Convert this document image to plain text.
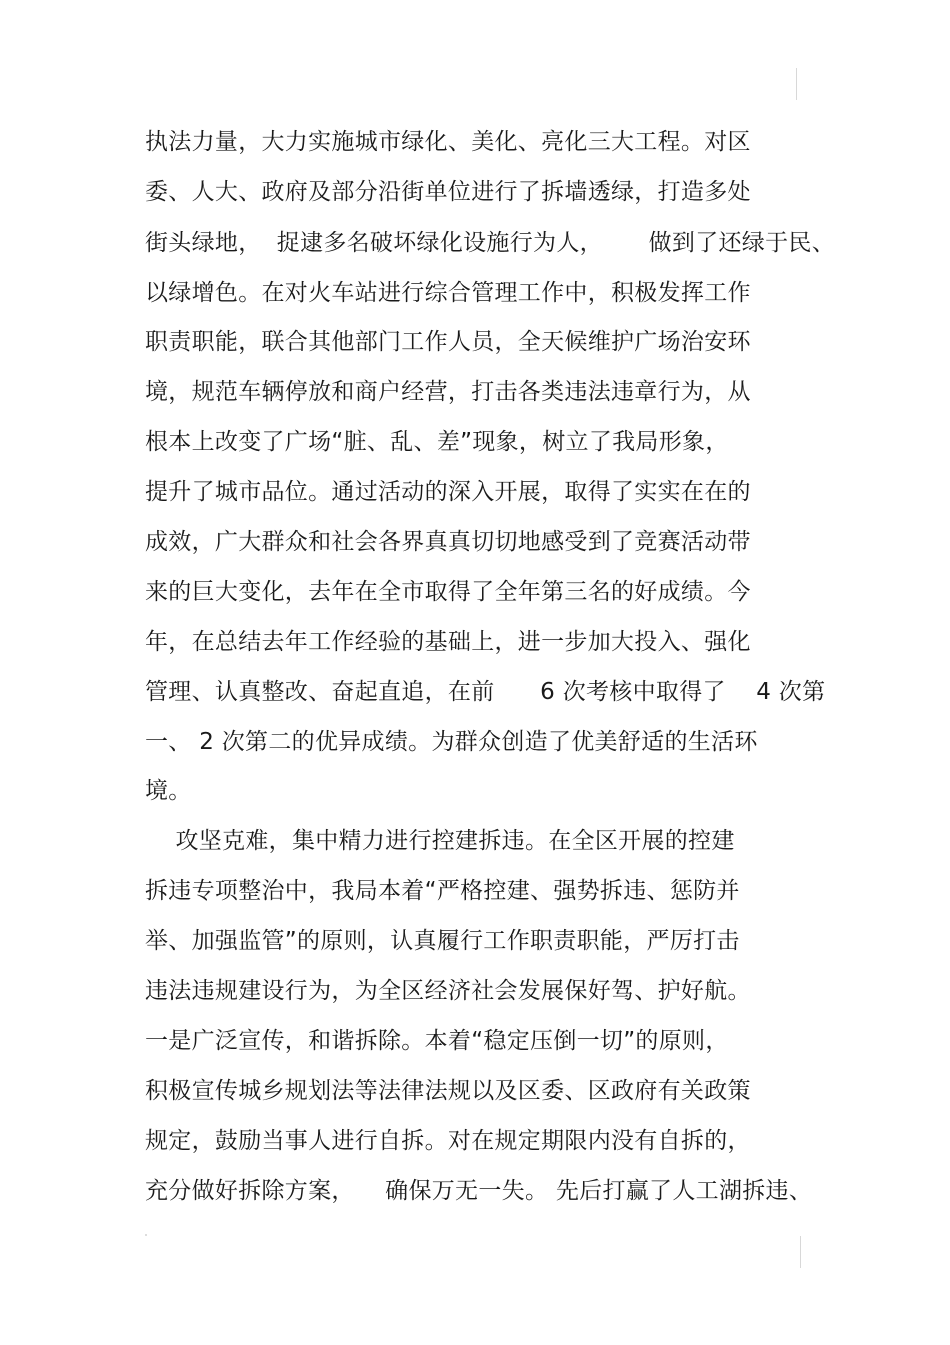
执法力量，大力实施城市绿化、美化、亮化三大工程。对区
委、人大、政府及部分沿街单位进行了拆墙透绿，打造多处
街头绿地，  捉逮多名破坏绿化设施行为人，      做到了还绿于民、
以绿增色。在对火车站进行综合管理工作中，积极发挥工作
职责职能，联合其他部门工作人员，全天候维护广场治安环
境，规范车辆停放和商户经营，打击各类违法违章行为，从
根本上改变了广场“脏、乱、差”现象，树立了我局形象，
提升了城市品位。通过活动的深入开展，取得了实实在在的
成效，广大群众和社会各界真真切切地感受到了竞赛活动带
来的巨大变化，去年在全市取得了全年第三名的好成绩。今
年，在总结去年工作经验的基础上，进一步加大投入、强化
管理、认真整改、奋起直追，在前      6 次考核中取得了    4 次第
一、 2 次第二的优异成绩。为群众创造了优美舒适的生活环
境。
攻坚克难，集中精力进行控建拆违。在全区开展的控建
拆违专项整治中，我局本着“严格控建、强势拆违、惩防并
举、加强监管”的原则，认真履行工作职责职能，严厉打击
违法违规建设行为，为全区经济社会发展保好驾、护好航。
一是广泛宣传，和谐拆除。本着“稳定压倒一切”的原则，
积极宣传城乡规划法等法律法规以及区委、区政府有关政策
规定，鼓励当事人进行自拆。对在规定期限内没有自拆的，
充分做好拆除方案，    确保万无一失。 先后打赢了人工湖拆违、
